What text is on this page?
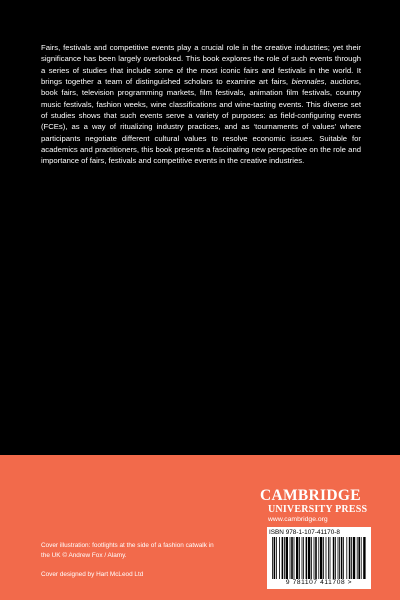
Fairs, festivals and competitive events play a crucial role in the creative industries; yet their significance has been largely overlooked. This book explores the role of such events through a series of studies that include some of the most iconic fairs and festivals in the world. It brings together a team of distinguished scholars to examine art fairs, biennales, auctions, book fairs, television programming markets, film festivals, animation film festivals, country music festivals, fashion weeks, wine classifications and wine-tasting events. This diverse set of studies shows that such events serve a variety of purposes: as field-configuring events (FCEs), as a way of ritualizing industry practices, and as ‘tournaments of values’ where participants negotiate different cultural values to resolve economic issues. Suitable for academics and practitioners, this book presents a fascinating new perspective on the role and importance of fairs, festivals and competitive events in the creative industries.

CAMBRIDGE
UNIVERSITY PRESS
www.cambridge.org
ISBN 978-1-107-41170-8
9 781107 411708 >

Cover illustration: footlights at the side of a fashion catwalk in the UK © Andrew Fox / Alamy.

Cover designed by Hart McLeod Ltd
